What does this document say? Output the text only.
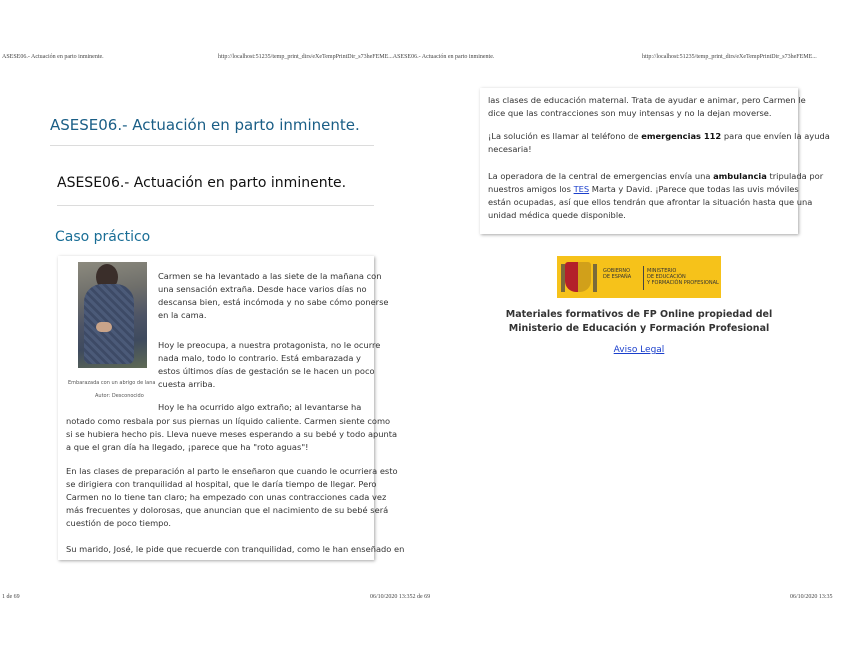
ASESE06.- Actuación en parto inminente.	http://localhost:51235/temp_print_dirs/eXeTempPrintDir_s73heFEME...ASESE06.- Actuación en parto inminente.	http://localhost:51235/temp_print_dirs/eXeTempPrintDir_s73heFEME...
1 de 69	06/10/2020 13:352 de 69	06/10/2020 13:35
ASESE06.- Actuación en parto inminente.
ASESE06.- Actuación en parto inminente.
Caso práctico
Embarazada con un abrigo de lana
Autor: Desconocido
Carmen se ha levantado a las siete de la mañana con
una sensación extraña. Desde hace varios días no
descansa bien, está incómoda y no sabe cómo ponerse
en la cama.
Hoy le preocupa, a nuestra protagonista, no le ocurre
nada malo, todo lo contrario. Está embarazada y
estos últimos días de gestación se le hacen un poco
cuesta arriba.
Hoy le ha ocurrido algo extraño; al levantarse ha
notado como resbala por sus piernas un líquido caliente. Carmen siente como
si se hubiera hecho pis. Lleva nueve meses esperando a su bebé y todo apunta
a que el gran día ha llegado, ¡parece que ha "roto aguas"!
En las clases de preparación al parto le enseñaron que cuando le ocurriera esto
se dirigiera con tranquilidad al hospital, que le daría tiempo de llegar. Pero
Carmen no lo tiene tan claro; ha empezado con unas contracciones cada vez
más frecuentes y dolorosas, que anuncian que el nacimiento de su bebé será
cuestión de poco tiempo.
Su marido, José, le pide que recuerde con tranquilidad, como le han enseñado en
las clases de educación maternal. Trata de ayudar e animar, pero Carmen le
dice que las contracciones son muy intensas y no la dejan moverse.
¡La solución es llamar al teléfono de emergencias 112 para que envíen la ayuda
necesaria!
La operadora de la central de emergencias envía una ambulancia tripulada por
nuestros amigos los TES Marta y David. ¡Parece que todas las uvis móviles
están ocupadas, así que ellos tendrán que afrontar la situación hasta que una
unidad médica quede disponible.
GOBIERNO
DE ESPAÑA
MINISTERIO
DE EDUCACIÓN
Y FORMACIÓN PROFESIONAL
Materiales formativos de FP Online propiedad del Ministerio de Educación y Formación Profesional
Aviso Legal
